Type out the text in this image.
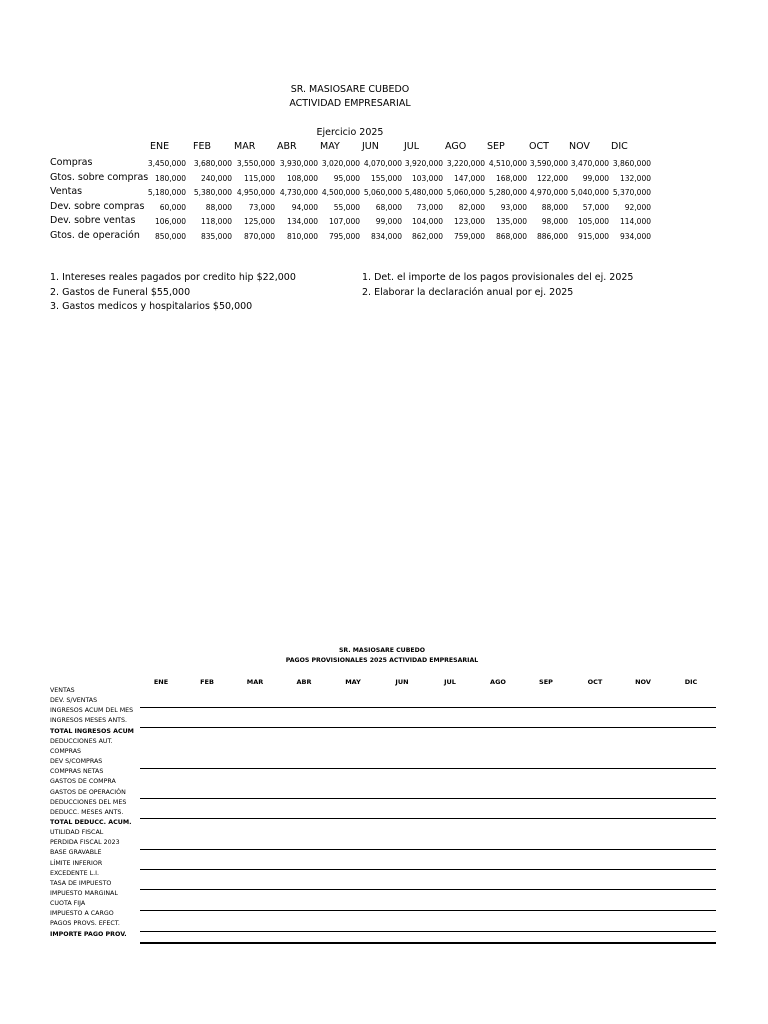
SR. MASIOSARE CUBEDO
ACTIVIDAD EMPRESARIAL
Ejercicio 2025
ENE	FEB MAR ABR MAY JUN	JUL	AGO SEP	OCT NOV DIC
Compras	3,450,000	3,680,000 3,550,000 3,930,000 3,020,000 4,070,000 3,920,000 3,220,000 4,510,000 3,590,000 3,470,000 3,860,000
Gtos. sobre compras 180,000	240,000	115,000	108,000	95,000	155,000	103,000	147,000	168,000	122,000	99,000	132,000
Ventas	5,180,000	5,380,000 4,950,000 4,730,000 4,500,000 5,060,000 5,480,000 5,060,000 5,280,000 4,970,000 5,040,000 5,370,000
Dev. sobre compras	60,000	88,000	73,000	94,000	55,000	68,000	73,000	82,000	93,000	88,000	57,000	92,000
Dev. sobre ventas	106,000	118,000	125,000	134,000	107,000	99,000	104,000	123,000	135,000	98,000	105,000	114,000
Gtos. de operación	850,000	835,000	870,000	810,000	795,000	834,000	862,000	759,000	868,000	886,000	915,000	934,000
1. Intereses reales pagados por credito hip $22,000
2. Gastos de Funeral $55,000
3. Gastos medicos y hospitalarios $50,000
1. Det. el importe de los pagos provisionales del ej. 2025
2. Elaborar la declaración anual por ej. 2025
SR. MASIOSARE CUBEDO
PAGOS PROVISIONALES 2025 ACTIVIDAD EMPRESARIAL
ENE	FEB	MAR	ABR	MAY	JUN	JUL	AGO	SEP	OCT	NOV	DIC
VENTAS
DEV. S/VENTAS
INGRESOS ACUM DEL MES
INGRESOS MESES ANTS.
TOTAL INGRESOS ACUM
DEDUCCIONES AUT.
COMPRAS
DEV S/COMPRAS
COMPRAS NETAS
GASTOS DE COMPRA
GASTOS DE OPERACIÓN
DEDUCCIONES DEL MES
DEDUCC. MESES ANTS.
TOTAL DEDUCC. ACUM.
UTILIDAD FISCAL
PERDIDA FISCAL 2023
BASE GRAVABLE
LÍMITE INFERIOR
EXCEDENTE L.I.
TASA DE IMPUESTO
IMPUESTO MARGINAL
CUOTA FIJA
IMPUESTO A CARGO
PAGOS PROVS. EFECT.
IMPORTE PAGO PROV.
